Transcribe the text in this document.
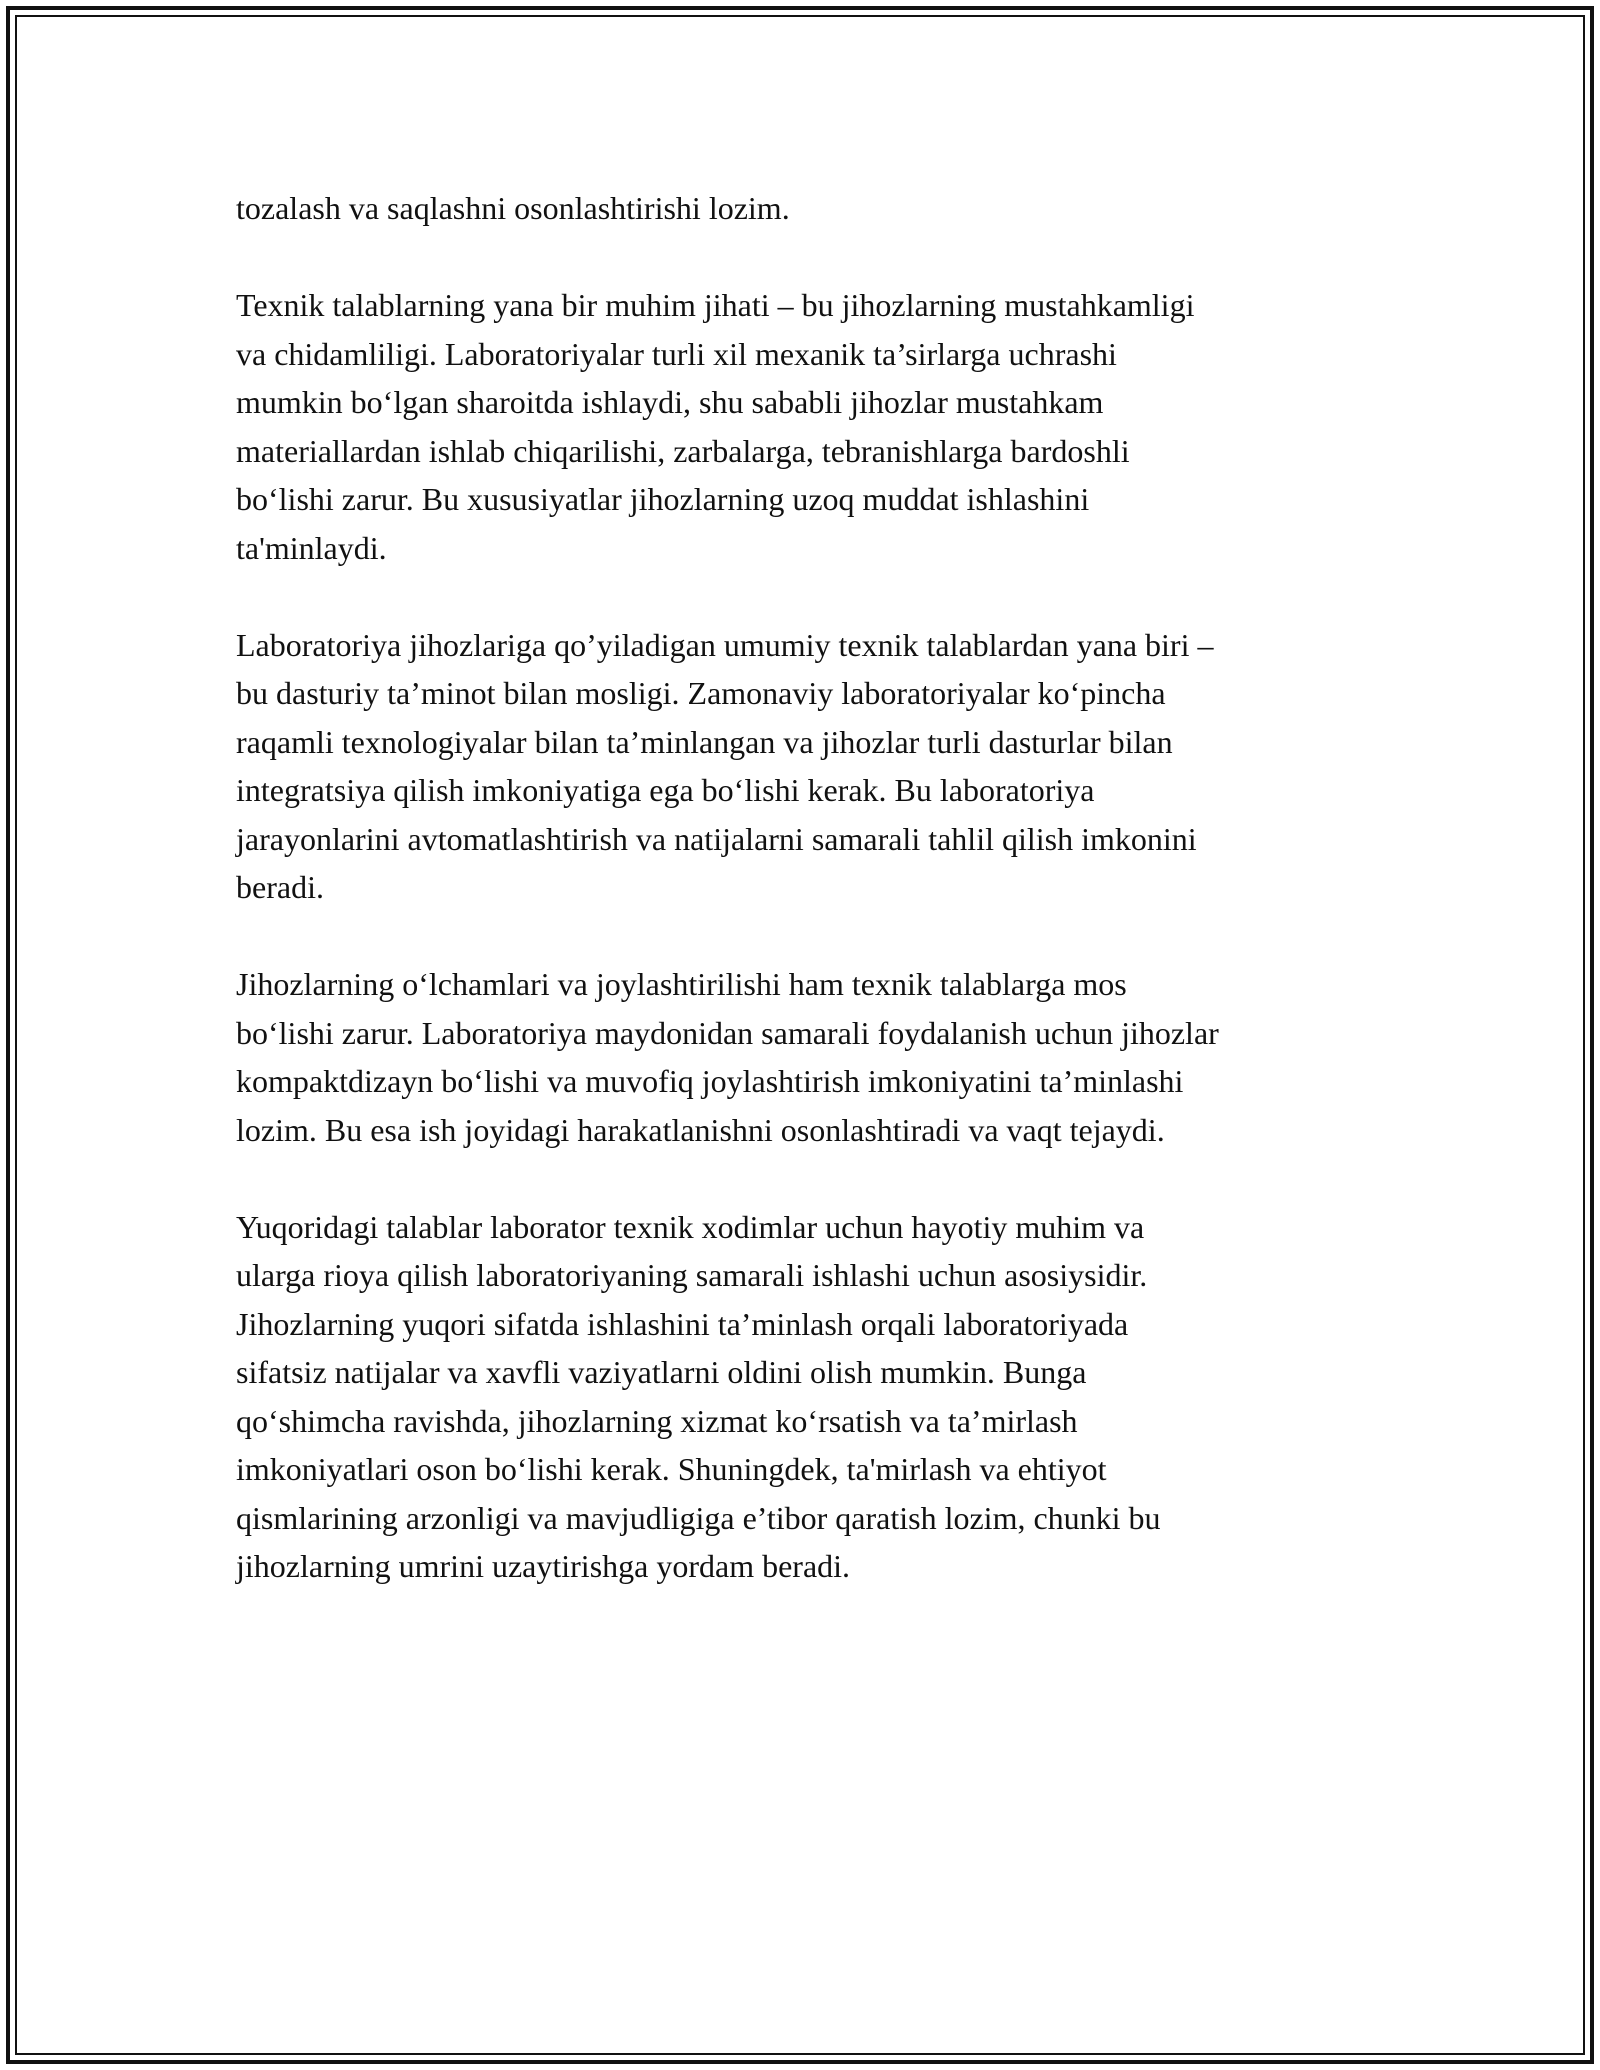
tozalash va saqlashni osonlashtirishi lozim.

Texnik talablarning yana bir muhim jihati – bu jihozlarning mustahkamligi
va chidamliligi. Laboratoriyalar turli xil mexanik ta’sirlarga uchrashi
mumkin bo‘lgan sharoitda ishlaydi, shu sababli jihozlar mustahkam
materiallardan ishlab chiqarilishi, zarbalarga, tebranishlarga bardoshli
bo‘lishi zarur. Bu xususiyatlar jihozlarning uzoq muddat ishlashini
ta'minlaydi.

Laboratoriya jihozlariga qo’yiladigan umumiy texnik talablardan yana biri –
bu dasturiy ta’minot bilan mosligi. Zamonaviy laboratoriyalar ko‘pincha
raqamli texnologiyalar bilan ta’minlangan va jihozlar turli dasturlar bilan
integratsiya qilish imkoniyatiga ega bo‘lishi kerak. Bu laboratoriya
jarayonlarini avtomatlashtirish va natijalarni samarali tahlil qilish imkonini
beradi.

Jihozlarning o‘lchamlari va joylashtirilishi ham texnik talablarga mos
bo‘lishi zarur. Laboratoriya maydonidan samarali foydalanish uchun jihozlar
kompaktdizayn bo‘lishi va muvofiq joylashtirish imkoniyatini ta’minlashi
lozim. Bu esa ish joyidagi harakatlanishni osonlashtiradi va vaqt tejaydi.

Yuqoridagi talablar laborator texnik xodimlar uchun hayotiy muhim va
ularga rioya qilish laboratoriyaning samarali ishlashi uchun asosiysidir.
Jihozlarning yuqori sifatda ishlashini ta’minlash orqali laboratoriyada
sifatsiz natijalar va xavfli vaziyatlarni oldini olish mumkin. Bunga
qo‘shimcha ravishda, jihozlarning xizmat ko‘rsatish va ta’mirlash
imkoniyatlari oson bo‘lishi kerak. Shuningdek, ta'mirlash va ehtiyot
qismlarining arzonligi va mavjudligiga e’tibor qaratish lozim, chunki bu
jihozlarning umrini uzaytirishga yordam beradi.
